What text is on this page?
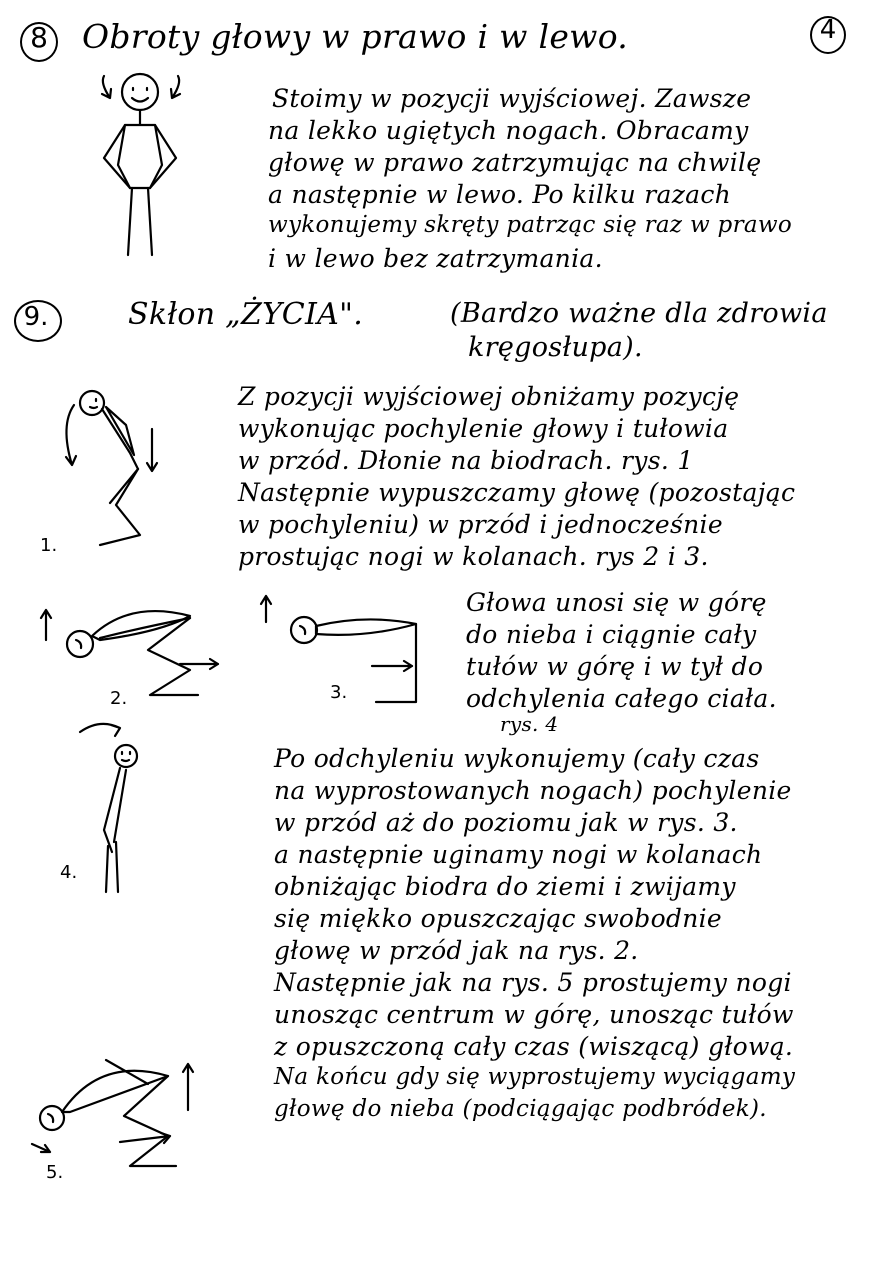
4
8	Obroty głowy w prawo i w lewo.
Stoimy w pozycji wyjściowej. Zawsze
na lekko ugiętych nogach. Obracamy
głowę w prawo zatrzymując na chwilę
a następnie w lewo. Po kilku razach
wykonujemy skręty patrząc się raz w prawo
i w lewo bez zatrzymania.
9.	Skłon „ŻYCIA".	(Bardzo ważne dla zdrowia
kręgosłupa).
Z pozycji wyjściowej obniżamy pozycję
wykonując pochylenie głowy i tułowia
w przód. Dłonie na biodrach. rys. 1
Następnie wypuszczamy głowę (pozostając
w pochyleniu) w przód i jednocześnie
prostując nogi w kolanach. rys 2 i 3.
Głowa unosi się w górę
do nieba i ciągnie cały
tułów w górę i w tył do
odchylenia całego ciała.
rys. 4
Po odchyleniu wykonujemy (cały czas
na wyprostowanych nogach) pochylenie
w przód aż do poziomu jak w rys. 3.
a następnie uginamy nogi w kolanach
obniżając biodra do ziemi i zwijamy
się miękko opuszczając swobodnie
głowę w przód jak na rys. 2.
Następnie jak na rys. 5 prostujemy nogi
unosząc centrum w górę, unosząc tułów
z opuszczoną cały czas (wiszącą) głową.
Na końcu gdy się wyprostujemy wyciągamy
głowę do nieba (podciągając podbródek).
1.
2.	3.
4.
5.
